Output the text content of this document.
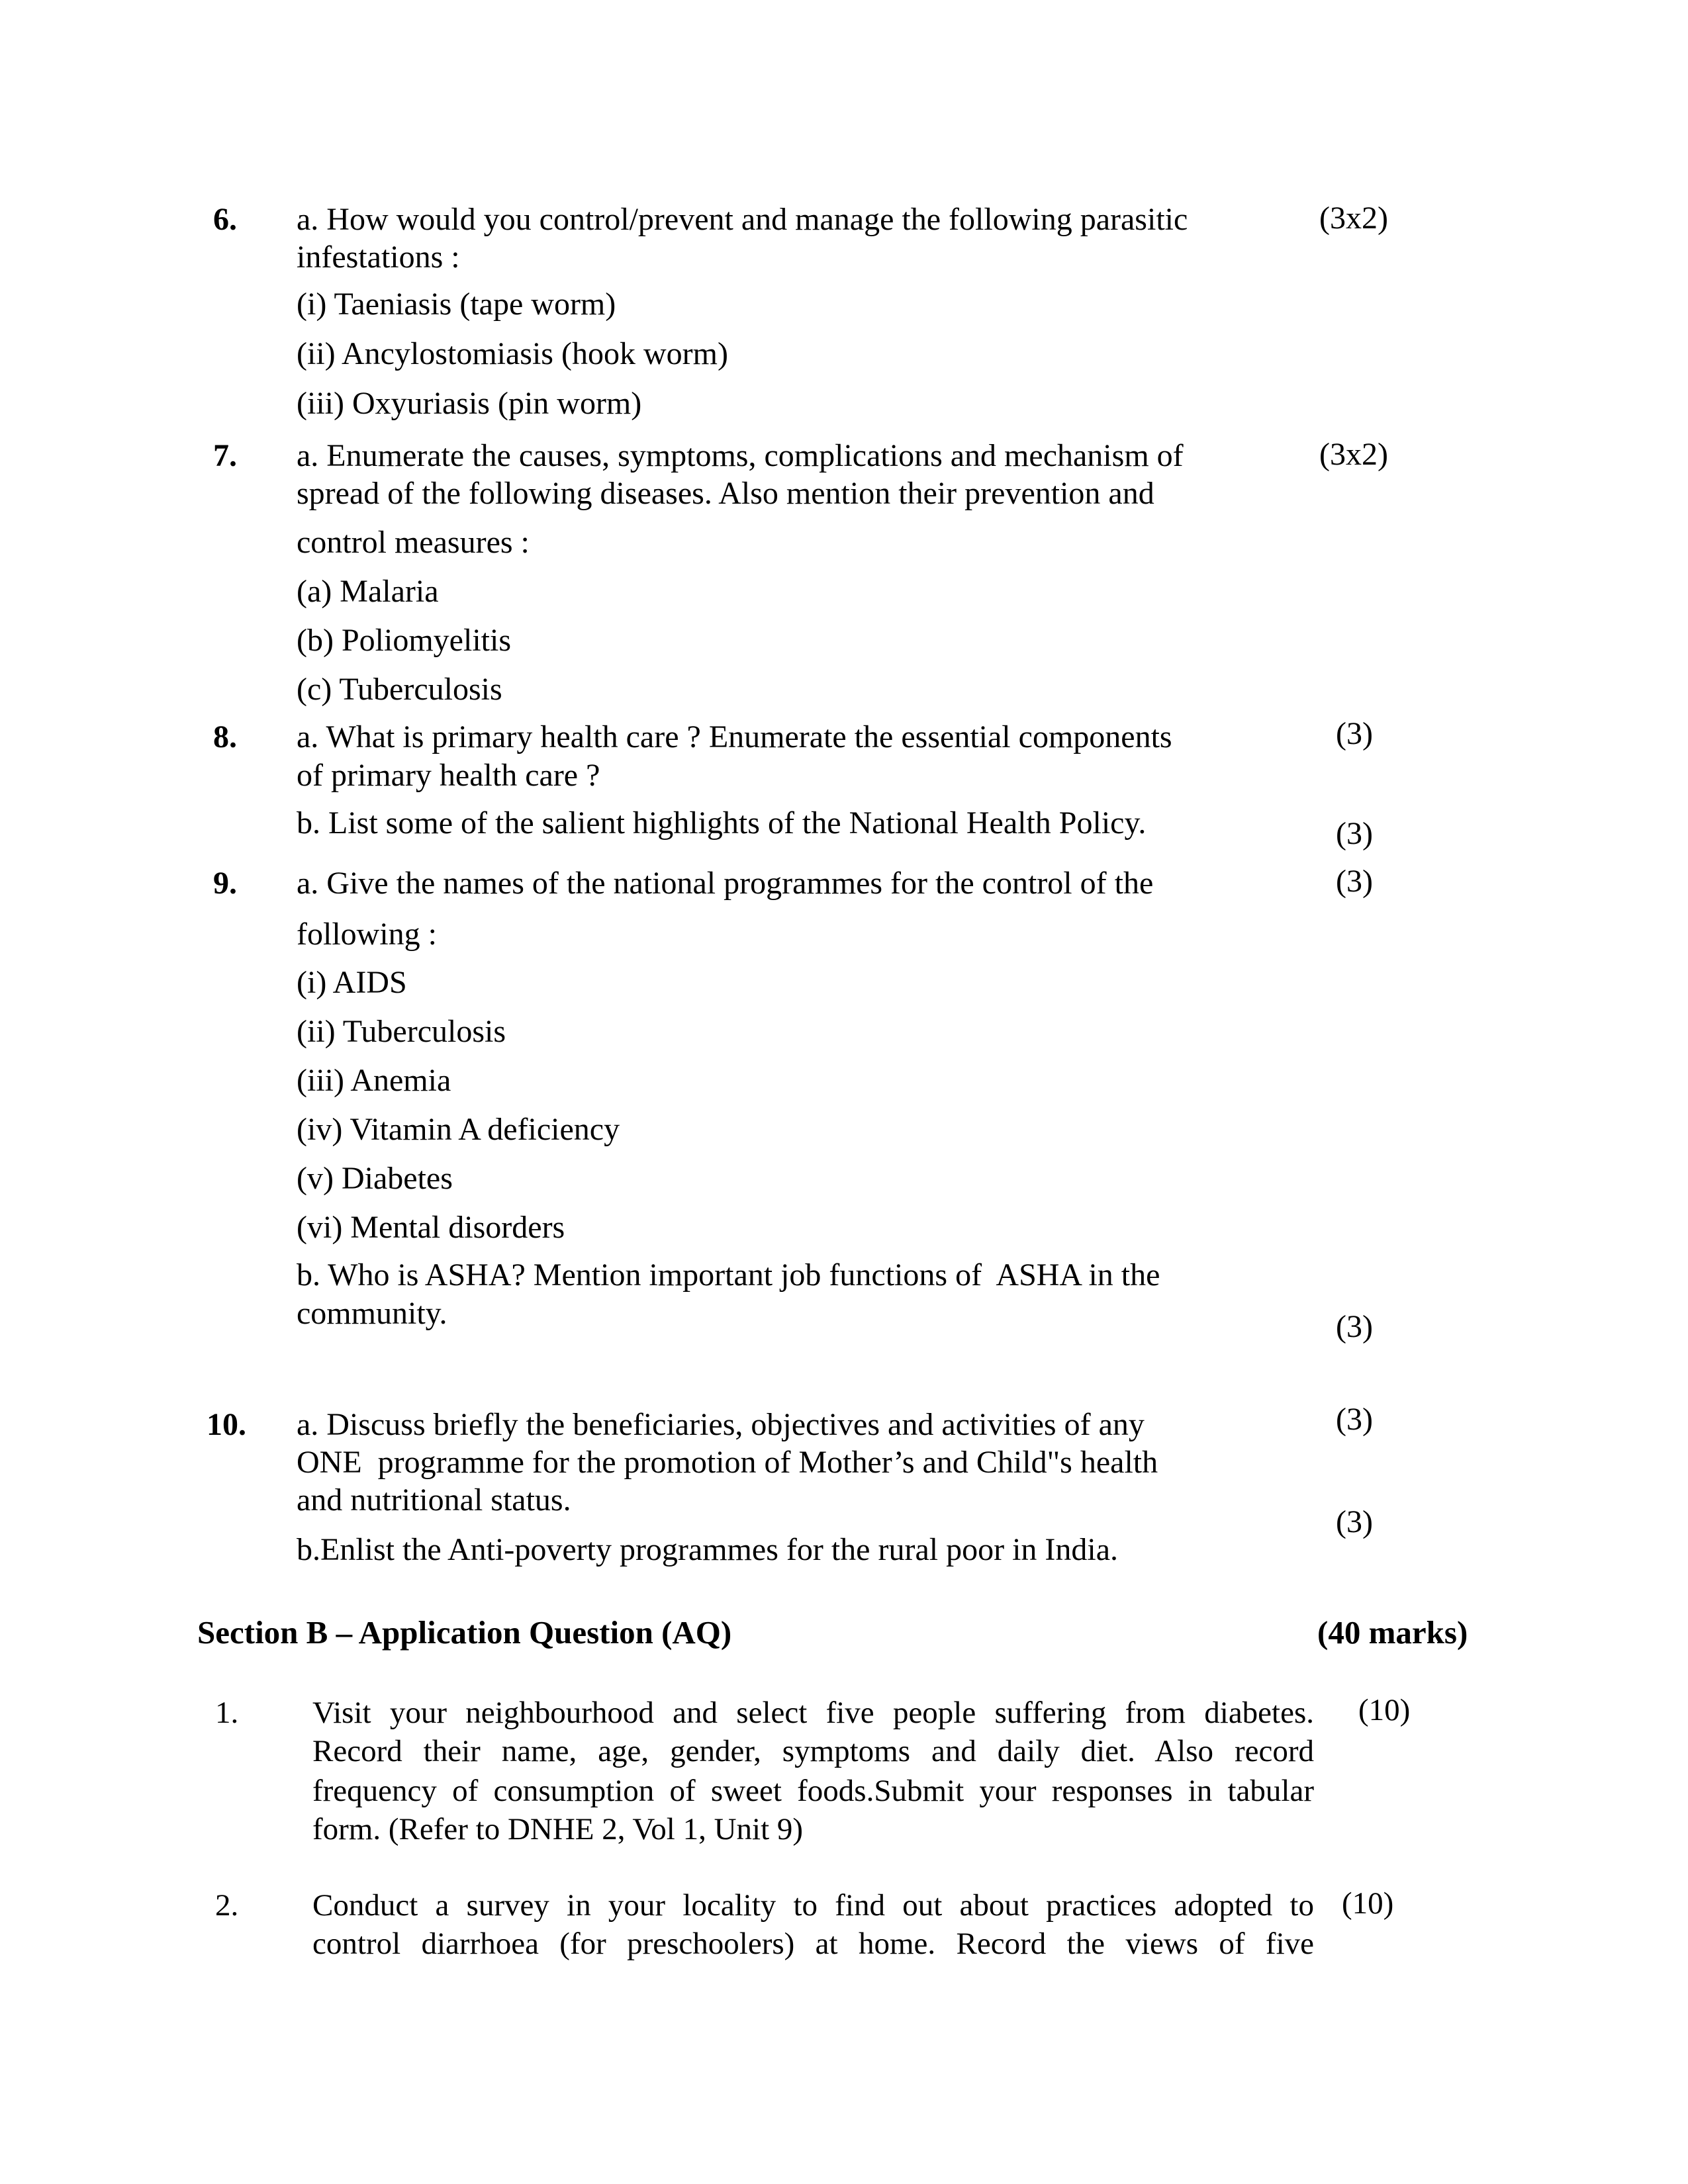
6. a. How would you control/prevent and manage the following parasitic	(3x2)
infestations :
(i) Taeniasis (tape worm)
(ii) Ancylostomiasis (hook worm)
(iii) Oxyuriasis (pin worm)
7. a. Enumerate the causes, symptoms, complications and mechanism of	(3x2)
spread of the following diseases. Also mention their prevention and
control measures :
(a) Malaria
(b) Poliomyelitis
(c) Tuberculosis
8. a. What is primary health care ? Enumerate the essential components	(3)
of primary health care ?
b. List some of the salient highlights of the National Health Policy.	(3)
9. a. Give the names of the national programmes for the control of the	(3)
following :
(i) AIDS
(ii) Tuberculosis
(iii) Anemia
(iv) Vitamin A deficiency
(v) Diabetes
(vi) Mental disorders
b. Who is ASHA? Mention important job functions of  ASHA in the
community.	(3)
10. a. Discuss briefly the beneficiaries, objectives and activities of any	(3)
ONE  programme for the promotion of Mother’s and Child"s health
and nutritional status.
(3)
b.Enlist the Anti-poverty programmes for the rural poor in India.
Section B – Application Question (AQ)	(40 marks)
1. Visit your neighbourhood and select five people suffering from diabetes. (10)
Record their name, age, gender, symptoms and daily diet. Also record
frequency of consumption of sweet foods.Submit your responses in tabular
form. (Refer to DNHE 2, Vol 1, Unit 9)
2. Conduct a survey in your locality to find out about practices adopted to (10)
control diarrhoea (for preschoolers) at home. Record the views of five
